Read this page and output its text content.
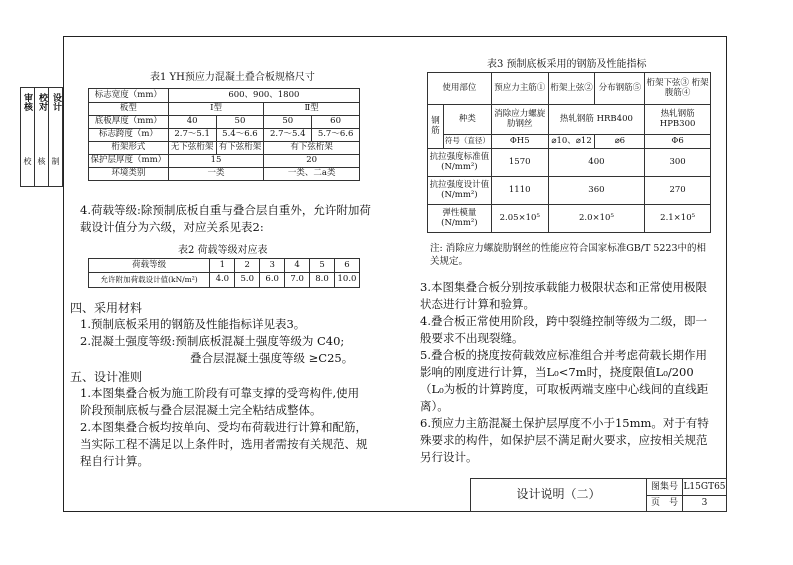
校 核 制
审核 校对 设计
表1 YH预应力混凝土叠合板规格尺寸
标志宽度（mm）	600、900、1800			
板型	Ⅰ型		Ⅱ型	
底板厚度（mm）	40	50	50	60
标志跨度（m）	2.7～5.1	5.4～6.6	2.7～5.4	5.7～6.6
桁架形式	无下弦桁架	有下弦桁架	有下弦桁架	
保护层厚度（mm）	15		20	
环境类别	一类		一类、二a类	
4.荷载等级:除预制底板自重与叠合层自重外，允许附加荷载设计值分为六级，对应关系见表2:
表2 荷载等级对应表
荷载等级	1	2	3	4	5	6
允许附加荷载设计值(kN/m²)	4.0	5.0	6.0	7.0	8.0	10.0
四、采用材料
1.预制底板采用的钢筋及性能指标详见表3。
2.混凝土强度等级:预制底板混凝土强度等级为 C40;
叠合层混凝土强度等级 ≥C25。
五、设计准则
1.本图集叠合板为施工阶段有可靠支撑的受弯构件,使用阶段预制底板与叠合层混凝土完全粘结成整体。
2.本图集叠合板均按单向、受均布荷载进行计算和配筋，当实际工程不满足以上条件时，选用者需按有关规范、规程自行计算。
表3 预制底板采用的钢筋及性能指标
使用部位		预应力主筋①	桁架上弦②	分布钢筋⑤	桁架下弦③ 桁架腹筋④
钢筋	种类	消除应力螺旋肋钢丝	热轧钢筋 HRB400		热轧钢筋 HPB300
	符号（直径）	ΦH5	⌀10、⌀12	⌀6	Φ6
抗拉强度标准值(N/mm²)		1570	400		300
抗拉强度设计值(N/mm²)		1110	360		270
弹性模量(N/mm²)		2.05×10⁵	2.0×10⁵		2.1×10⁵
注: 消除应力螺旋肋钢丝的性能应符合国家标准GB/T 5223中的相关规定。
3.本图集叠合板分别按承载能力极限状态和正常使用极限状态进行计算和验算。
4.叠合板正常使用阶段，跨中裂缝控制等级为二级，即一般要求不出现裂缝。
5.叠合板的挠度按荷载效应标准组合并考虑荷载长期作用影响的刚度进行计算，当L₀<7m时，挠度限值L₀/200（L₀为板的计算跨度，可取板两端支座中心线间的直线距离）。
6.预应力主筋混凝土保护层厚度不小于15mm。对于有特殊要求的构件，如保护层不满足耐火要求，应按相关规范另行设计。
设计说明（二）	图集号	L15GT65
	页　号	3
